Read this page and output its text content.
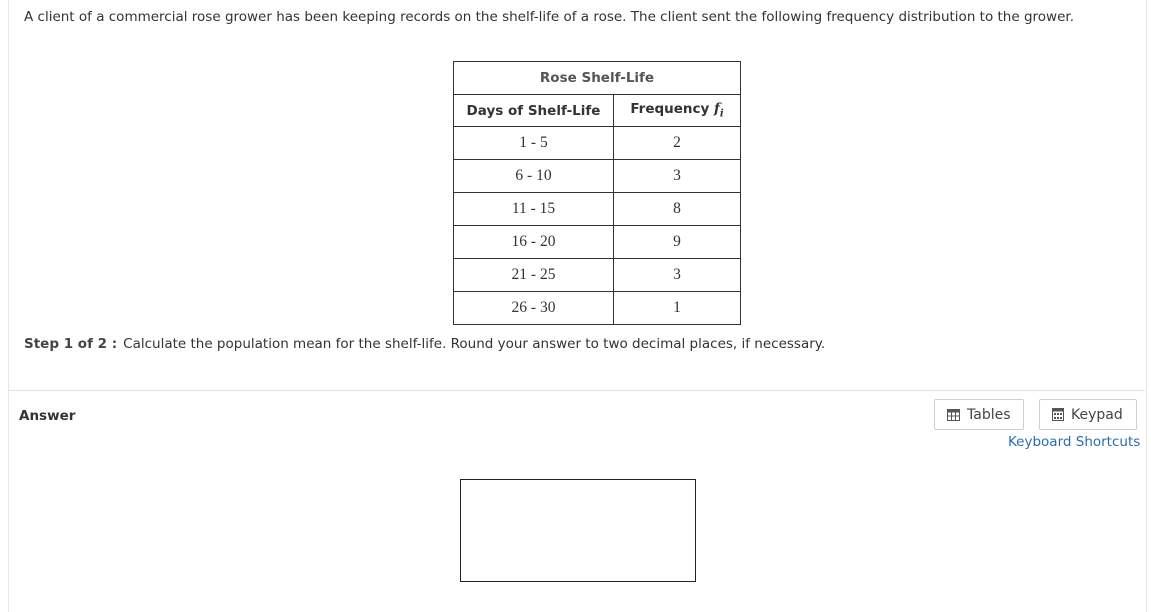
A client of a commercial rose grower has been keeping records on the shelf-life of a rose. The client sent the following frequency distribution to the grower.
Rose Shelf-Life	
Days of Shelf-Life	Frequency $f_i$
1 - 5	2
6 - 10	3
11 - 15	8
16 - 20	9
21 - 25	3
26 - 30	1
Step 1 of 2 : Calculate the population mean for the shelf-life. Round your answer to two decimal places, if necessary.
Answer	Tables	Keypad
Keyboard Shortcuts
